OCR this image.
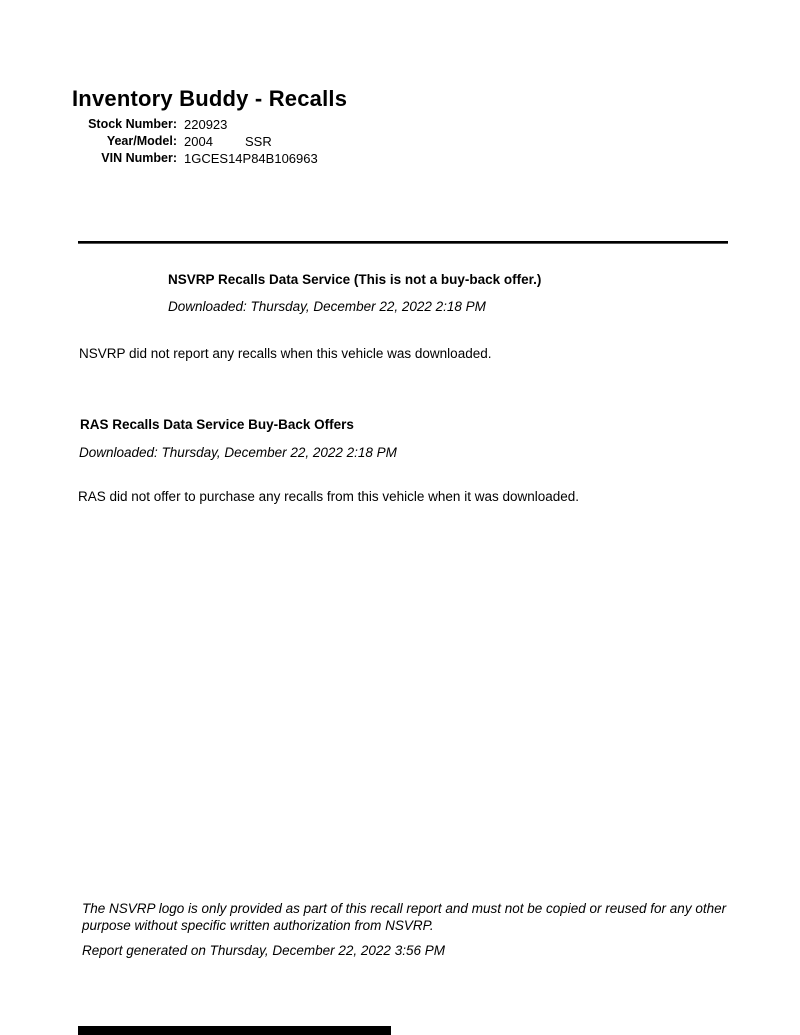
Inventory Buddy - Recalls
Stock Number: 220923
Year/Model: 2004 SSR
VIN Number: 1GCES14P84B106963
NSVRP Recalls Data Service (This is not a buy-back offer.)

Downloaded: Thursday, December 22, 2022 2:18 PM

NSVRP did not report any recalls when this vehicle was downloaded.

RAS Recalls Data Service Buy-Back Offers

Downloaded: Thursday, December 22, 2022 2:18 PM

RAS did not offer to purchase any recalls from this vehicle when it was downloaded.

The NSVRP logo is only provided as part of this recall report and must not be copied or reused for any other purpose without specific written authorization from NSVRP.

Report generated on Thursday, December 22, 2022 3:56 PM
